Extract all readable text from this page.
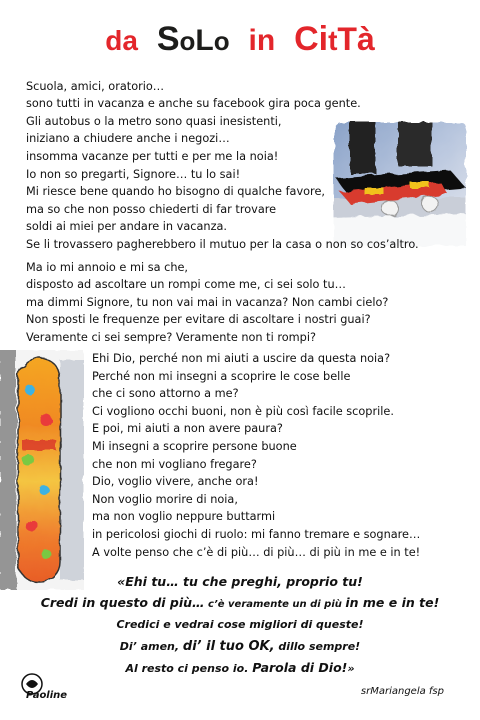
da SoLo in CitTà
Scuola, amici, oratorio…
sono tutti in vacanza e anche su facebook gira poca gente.
Gli autobus o la metro sono quasi inesistenti,
iniziano a chiudere anche i negozi…
insomma vacanze per tutti e per me la noia!
Io non so pregarti, Signore… tu lo sai!
Mi riesce bene quando ho bisogno di qualche favore,
ma so che non posso chiederti di far trovare
soldi ai miei per andare in vacanza.
Se li trovassero pagherebbero il mutuo per la casa o non so cos’altro.
Ma io mi annoio e mi sa che,
disposto ad ascoltare un rompi come me, ci sei solo tu…
ma dimmi Signore, tu non vai mai in vacanza? Non cambi cielo?
Non sposti le frequenze per evitare di ascoltare i nostri guai?
Veramente ci sei sempre? Veramente non ti rompi?
Ehi Dio, perché non mi aiuti a uscire da questa noia?
Perché non mi insegni a scoprire le cose belle
che ci sono attorno a me?
Ci vogliono occhi buoni, non è più così facile scoprile.
E poi, mi aiuti a non avere paura?
Mi insegni a scoprire persone buone
che non mi vogliano fregare?
Dio, voglio vivere, anche ora!
Non voglio morire di noia,
ma non voglio neppure buttarmi
in pericolosi giochi di ruolo: mi fanno tremare e sognare…
A volte penso che c’è di più… di più… di più in me e in te!
«Ehi tu… tu che preghi, proprio tu!
Credi in questo di più… c’è veramente un di più in me e in te!
Credici e vedrai cose migliori di queste!
Di’ amen, di’ il tuo OK, dillo sempre!
Al resto ci penso io. Parola di Dio!»
Paoline	srMariangela fsp
